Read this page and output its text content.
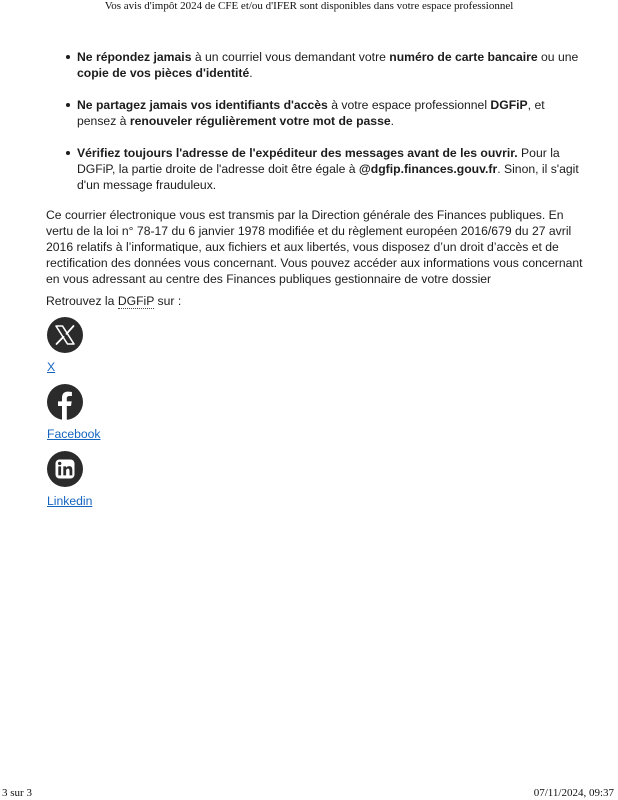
Vos avis d'impôt 2024 de CFE et/ou d'IFER sont disponibles dans votre espace professionnel
Ne répondez jamais à un courriel vous demandant votre numéro de carte bancaire ou une copie de vos pièces d'identité.
Ne partagez jamais vos identifiants d'accès à votre espace professionnel DGFiP, et pensez à renouveler régulièrement votre mot de passe.
Vérifiez toujours l'adresse de l'expéditeur des messages avant de les ouvrir. Pour la DGFiP, la partie droite de l'adresse doit être égale à @dgfip.finances.gouv.fr. Sinon, il s'agit d'un message frauduleux.

Ce courrier électronique vous est transmis par la Direction générale des Finances publiques. En vertu de la loi n° 78-17 du 6 janvier 1978 modifiée et du règlement européen 2016/679 du 27 avril 2016 relatifs à l’informatique, aux fichiers et aux libertés, vous disposez d’un droit d’accès et de rectification des données vous concernant. Vous pouvez accéder aux informations vous concernant en vous adressant au centre des Finances publiques gestionnaire de votre dossier

Retrouvez la DGFiP sur :

X
Facebook
Linkedin
3 sur 3	07/11/2024, 09:37
